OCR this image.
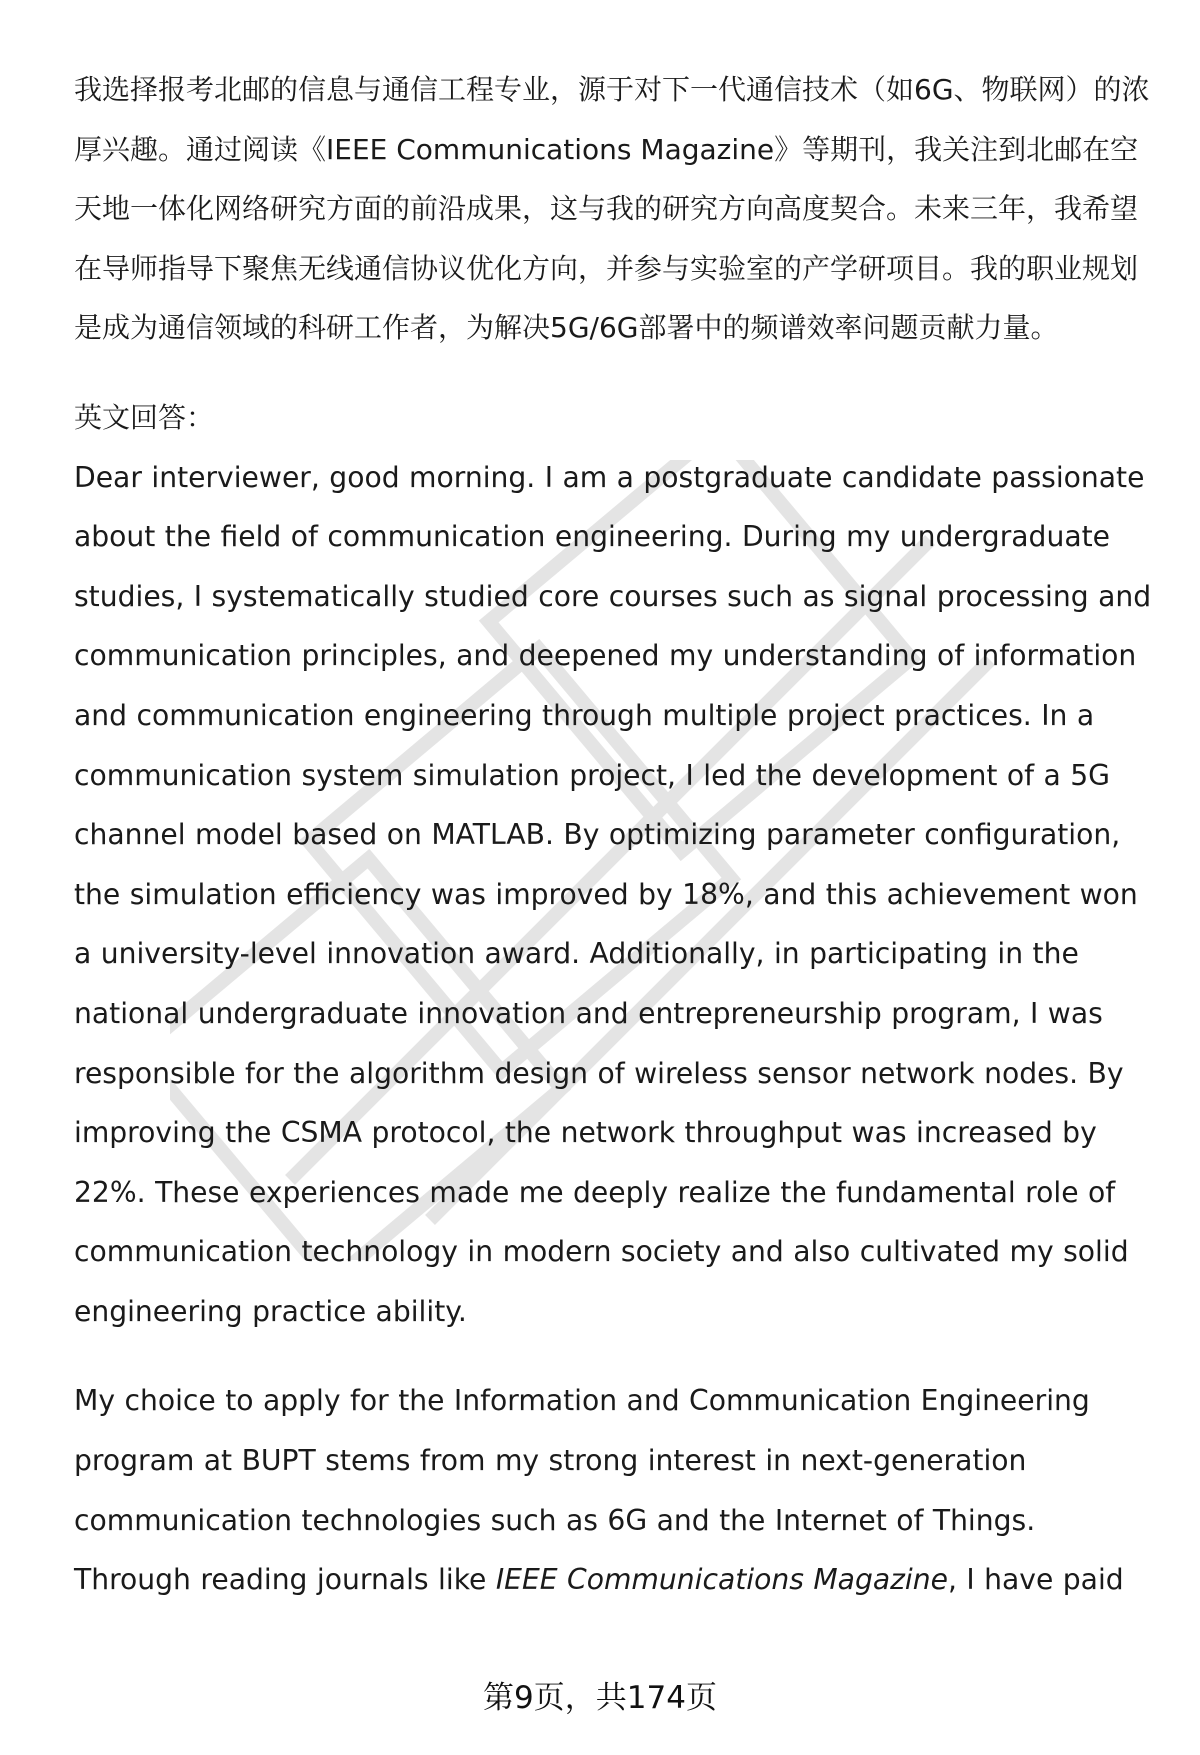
我选择报考北邮的信息与通信工程专业，源于对下一代通信技术（如6G、物联网）的浓厚兴趣。通过阅读《IEEE Communications Magazine》等期刊，我关注到北邮在空天地一体化网络研究方面的前沿成果，这与我的研究方向高度契合。未来三年，我希望在导师指导下聚焦无线通信协议优化方向，并参与实验室的产学研项目。我的职业规划是成为通信领域的科研工作者，为解决5G/6G部署中的频谱效率问题贡献力量。

英文回答：

Dear interviewer, good morning. I am a postgraduate candidate passionate about the field of communication engineering. During my undergraduate studies, I systematically studied core courses such as signal processing and communication principles, and deepened my understanding of information and communication engineering through multiple project practices. In a communication system simulation project, I led the development of a 5G channel model based on MATLAB. By optimizing parameter configuration, the simulation efficiency was improved by 18%, and this achievement won a university-level innovation award. Additionally, in participating in the national undergraduate innovation and entrepreneurship program, I was responsible for the algorithm design of wireless sensor network nodes. By improving the CSMA protocol, the network throughput was increased by 22%. These experiences made me deeply realize the fundamental role of communication technology in modern society and also cultivated my solid engineering practice ability.

My choice to apply for the Information and Communication Engineering program at BUPT stems from my strong interest in next-generation communication technologies such as 6G and the Internet of Things. Through reading journals like IEEE Communications Magazine, I have paid

第9页，共174页
